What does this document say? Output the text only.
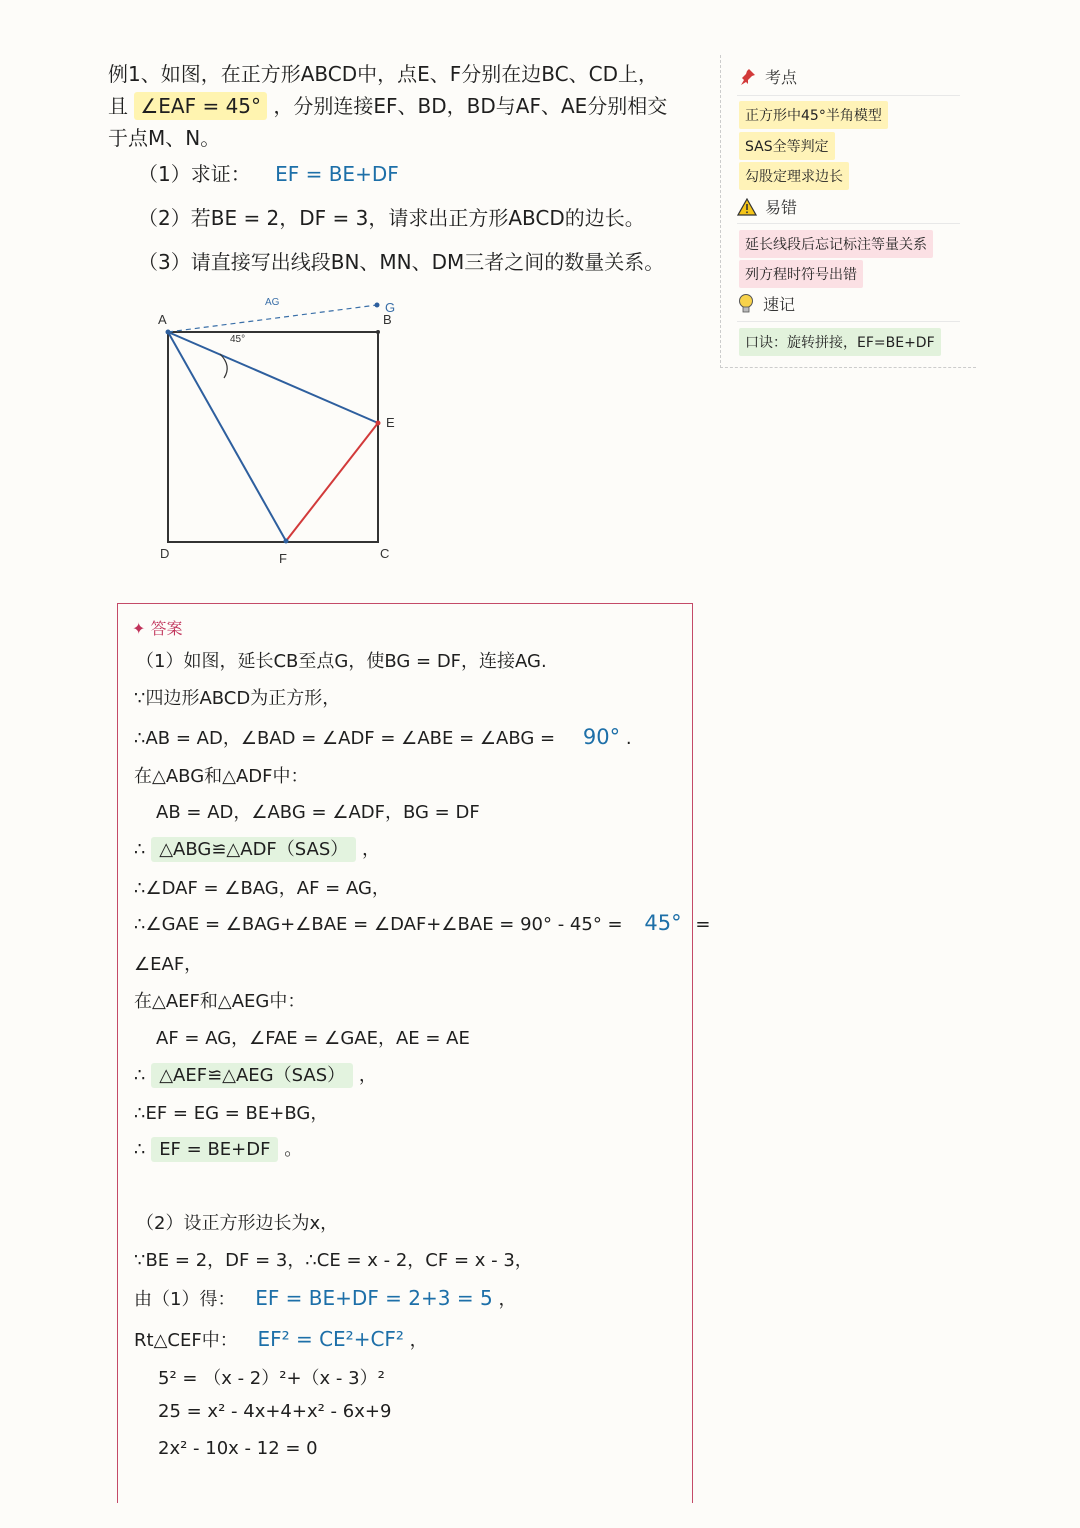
例1、如图，在正方形ABCD中，点E、F分别在边BC、CD上，
且 ∠EAF = 45° ，分别连接EF、BD，BD与AF、AE分别相交
于点M、N。
（1）求证： EF = BE+DF
（2）若BE = 2，DF = 3，请求出正方形ABCD的边长。
（3）请直接写出线段BN、MN、DM三者之间的数量关系。
A	B
G
AG
45°
E
D	F	C
考点
正方形中45°半角模型
SAS全等判定
勾股定理求边长
易错
延长线段后忘记标注等量关系
列方程时符号出错
速记
口诀：旋转拼接，EF=BE+DF
✦ 答案
（1）如图，延长CB至点G，使BG = DF，连接AG.
∵四边形ABCD为正方形，
∴AB = AD，∠BAD = ∠ADF = ∠ABE = ∠ABG = 90° .
在△ABG和△ADF中：
AB = AD，∠ABG = ∠ADF，BG = DF
∴ △ABG≌△ADF（SAS） ，
∴∠DAF = ∠BAG，AF = AG，
∴∠GAE = ∠BAG+∠BAE = ∠DAF+∠BAE = 90° - 45° = 45° =
∠EAF，
在△AEF和△AEG中：
AF = AG，∠FAE = ∠GAE，AE = AE
∴ △AEF≌△AEG（SAS） ，
∴EF = EG = BE+BG，
∴ EF = BE+DF 。
（2）设正方形边长为x，
∵BE = 2，DF = 3，∴CE = x - 2，CF = x - 3，
由（1）得： EF = BE+DF = 2+3 = 5 ，
Rt△CEF中： EF² = CE²+CF² ，
5² = （x - 2）²+（x - 3）²
25 = x² - 4x+4+x² - 6x+9
2x² - 10x - 12 = 0
